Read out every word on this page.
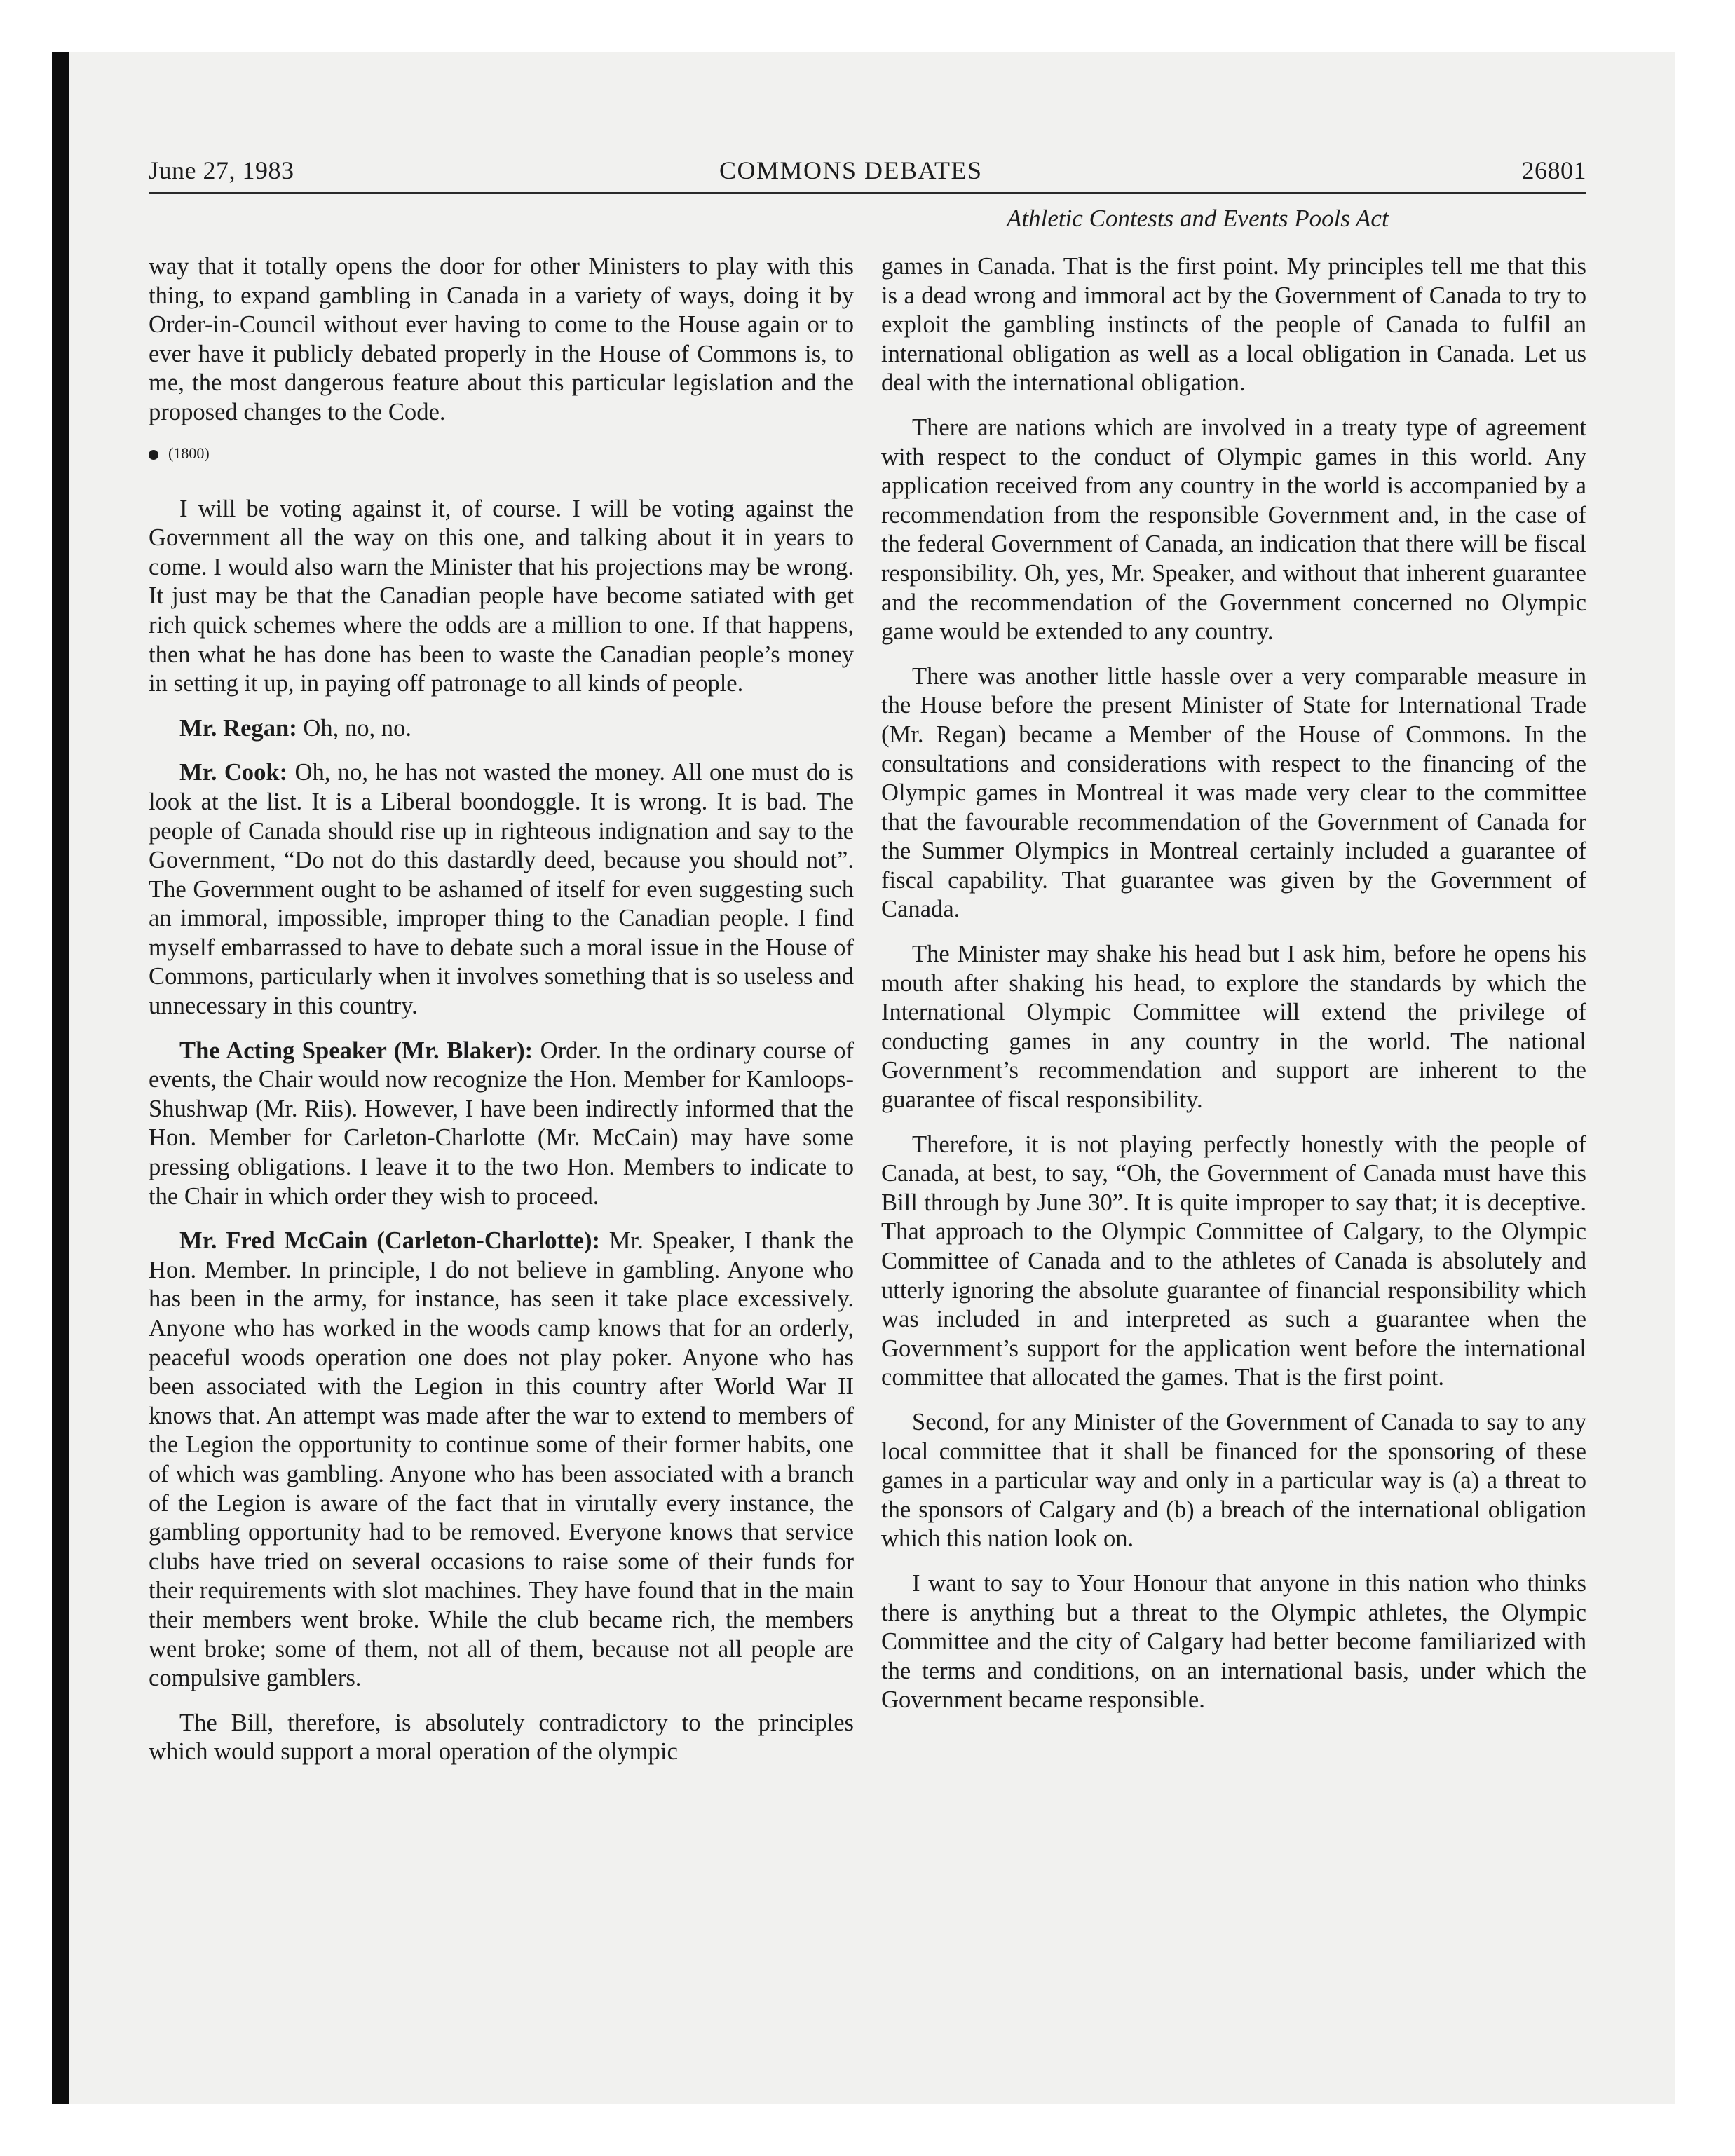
June 27, 1983	COMMONS DEBATES	26801
Athletic Contests and Events Pools Act

way that it totally opens the door for other Ministers to play with this thing, to expand gambling in Canada in a variety of ways, doing it by Order-in-Council without ever having to come to the House again or to ever have it publicly debated properly in the House of Commons is, to me, the most dangerous feature about this particular legislation and the proposed changes to the Code.

(1800)

I will be voting against it, of course. I will be voting against the Government all the way on this one, and talking about it in years to come. I would also warn the Minister that his projections may be wrong. It just may be that the Canadian people have become satiated with get rich quick schemes where the odds are a million to one. If that happens, then what he has done has been to waste the Canadian people’s money in setting it up, in paying off patronage to all kinds of people.

Mr. Regan: Oh, no, no.

Mr. Cook: Oh, no, he has not wasted the money. All one must do is look at the list. It is a Liberal boondoggle. It is wrong. It is bad. The people of Canada should rise up in righteous indignation and say to the Government, “Do not do this dastardly deed, because you should not”. The Government ought to be ashamed of itself for even suggesting such an immoral, impossible, improper thing to the Canadian people. I find myself embarrassed to have to debate such a moral issue in the House of Commons, particularly when it involves something that is so useless and unnecessary in this country.

The Acting Speaker (Mr. Blaker): Order. In the ordinary course of events, the Chair would now recognize the Hon. Member for Kamloops-Shushwap (Mr. Riis). However, I have been indirectly informed that the Hon. Member for Carleton-Charlotte (Mr. McCain) may have some pressing obligations. I leave it to the two Hon. Members to indicate to the Chair in which order they wish to proceed.

Mr. Fred McCain (Carleton-Charlotte): Mr. Speaker, I thank the Hon. Member. In principle, I do not believe in gambling. Anyone who has been in the army, for instance, has seen it take place excessively. Anyone who has worked in the woods camp knows that for an orderly, peaceful woods operation one does not play poker. Anyone who has been associated with the Legion in this country after World War II knows that. An attempt was made after the war to extend to members of the Legion the opportunity to continue some of their former habits, one of which was gambling. Anyone who has been associated with a branch of the Legion is aware of the fact that in virutally every instance, the gambling opportunity had to be removed. Everyone knows that service clubs have tried on several occasions to raise some of their funds for their requirements with slot machines. They have found that in the main their members went broke. While the club became rich, the members went broke; some of them, not all of them, because not all people are compulsive gamblers.

The Bill, therefore, is absolutely contradictory to the principles which would support a moral operation of the olympic

games in Canada. That is the first point. My principles tell me that this is a dead wrong and immoral act by the Government of Canada to try to exploit the gambling instincts of the people of Canada to fulfil an international obligation as well as a local obligation in Canada. Let us deal with the international obligation.

There are nations which are involved in a treaty type of agreement with respect to the conduct of Olympic games in this world. Any application received from any country in the world is accompanied by a recommendation from the responsible Government and, in the case of the federal Government of Canada, an indication that there will be fiscal responsibility. Oh, yes, Mr. Speaker, and without that inherent guarantee and the recommendation of the Government concerned no Olympic game would be extended to any country.

There was another little hassle over a very comparable measure in the House before the present Minister of State for International Trade (Mr. Regan) became a Member of the House of Commons. In the consultations and considerations with respect to the financing of the Olympic games in Montreal it was made very clear to the committee that the favourable recommendation of the Government of Canada for the Summer Olympics in Montreal certainly included a guarantee of fiscal capability. That guarantee was given by the Government of Canada.

The Minister may shake his head but I ask him, before he opens his mouth after shaking his head, to explore the standards by which the International Olympic Committee will extend the privilege of conducting games in any country in the world. The national Government’s recommendation and support are inherent to the guarantee of fiscal responsibility.

Therefore, it is not playing perfectly honestly with the people of Canada, at best, to say, “Oh, the Government of Canada must have this Bill through by June 30”. It is quite improper to say that; it is deceptive. That approach to the Olympic Committee of Calgary, to the Olympic Committee of Canada and to the athletes of Canada is absolutely and utterly ignoring the absolute guarantee of financial responsibility which was included in and interpreted as such a guarantee when the Government’s support for the application went before the international committee that allocated the games. That is the first point.

Second, for any Minister of the Government of Canada to say to any local committee that it shall be financed for the sponsoring of these games in a particular way and only in a particular way is (a) a threat to the sponsors of Calgary and (b) a breach of the international obligation which this nation look on.

I want to say to Your Honour that anyone in this nation who thinks there is anything but a threat to the Olympic athletes, the Olympic Committee and the city of Calgary had better become familiarized with the terms and conditions, on an international basis, under which the Government became responsible.
